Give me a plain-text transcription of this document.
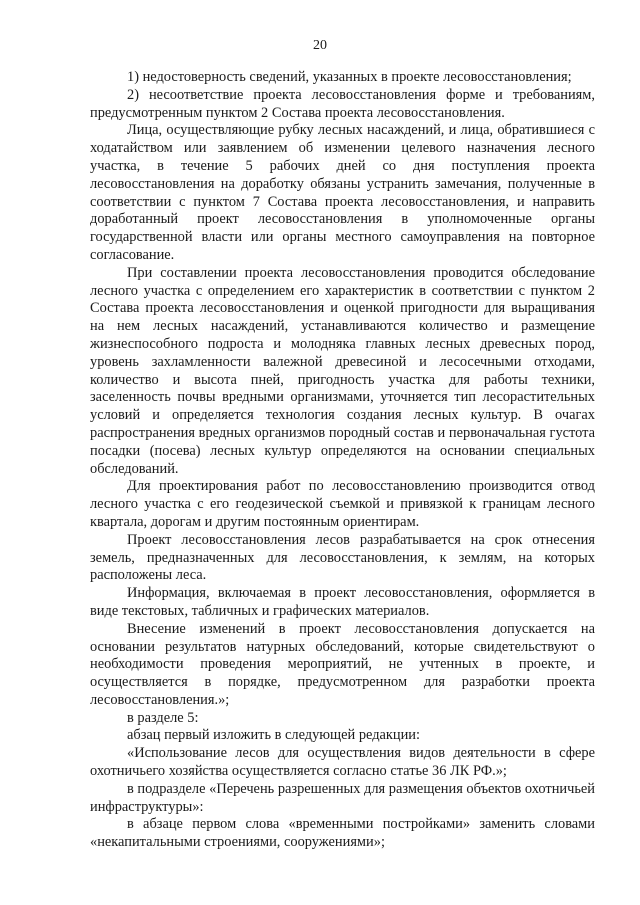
20

1) недостоверность сведений, указанных в проекте лесовосстановления;

2) несоответствие проекта лесовосстановления форме и требованиям, предусмотренным пунктом 2 Состава проекта лесовосстановления.

Лица, осуществляющие рубку лесных насаждений, и лица, обратившиеся с ходатайством или заявлением об изменении целевого назначения лесного участка, в течение 5 рабочих дней со дня поступления проекта лесовосстановления на доработку обязаны устранить замечания, полученные в соответствии с пунктом 7 Состава проекта лесовосстановления, и направить доработанный проект лесовосстановления в уполномоченные органы государственной власти или органы местного самоуправления на повторное согласование.

При составлении проекта лесовосстановления проводится обследование лесного участка с определением его характеристик в соответствии с пунктом 2 Состава проекта лесовосстановления и оценкой пригодности для выращивания на нем лесных насаждений, устанавливаются количество и размещение жизнеспособного подроста и молодняка главных лесных древесных пород, уровень захламленности валежной древесиной и лесосечными отходами, количество и высота пней, пригодность участка для работы техники, заселенность почвы вредными организмами, уточняется тип лесорастительных условий и определяется технология создания лесных культур. В очагах распространения вредных организмов породный состав и первоначальная густота посадки (посева) лесных культур определяются на основании специальных обследований.

Для проектирования работ по лесовосстановлению производится отвод лесного участка с его геодезической съемкой и привязкой к границам лесного квартала, дорогам и другим постоянным ориентирам.

Проект лесовосстановления лесов разрабатывается на срок отнесения земель, предназначенных для лесовосстановления, к землям, на которых расположены леса.

Информация, включаемая в проект лесовосстановления, оформляется в виде текстовых, табличных и графических материалов.

Внесение изменений в проект лесовосстановления допускается на основании результатов натурных обследований, которые свидетельствуют о необходимости проведения мероприятий, не учтенных в проекте, и осуществляется в порядке, предусмотренном для разработки проекта лесовосстановления.»;

в разделе 5:

абзац первый изложить в следующей редакции:

«Использование лесов для осуществления видов деятельности в сфере охотничьего хозяйства осуществляется согласно статье 36 ЛК РФ.»;

в подразделе «Перечень разрешенных для размещения объектов охотничьей инфраструктуры»:

в абзаце первом слова «временными постройками» заменить словами «некапитальными строениями, сооружениями»;
